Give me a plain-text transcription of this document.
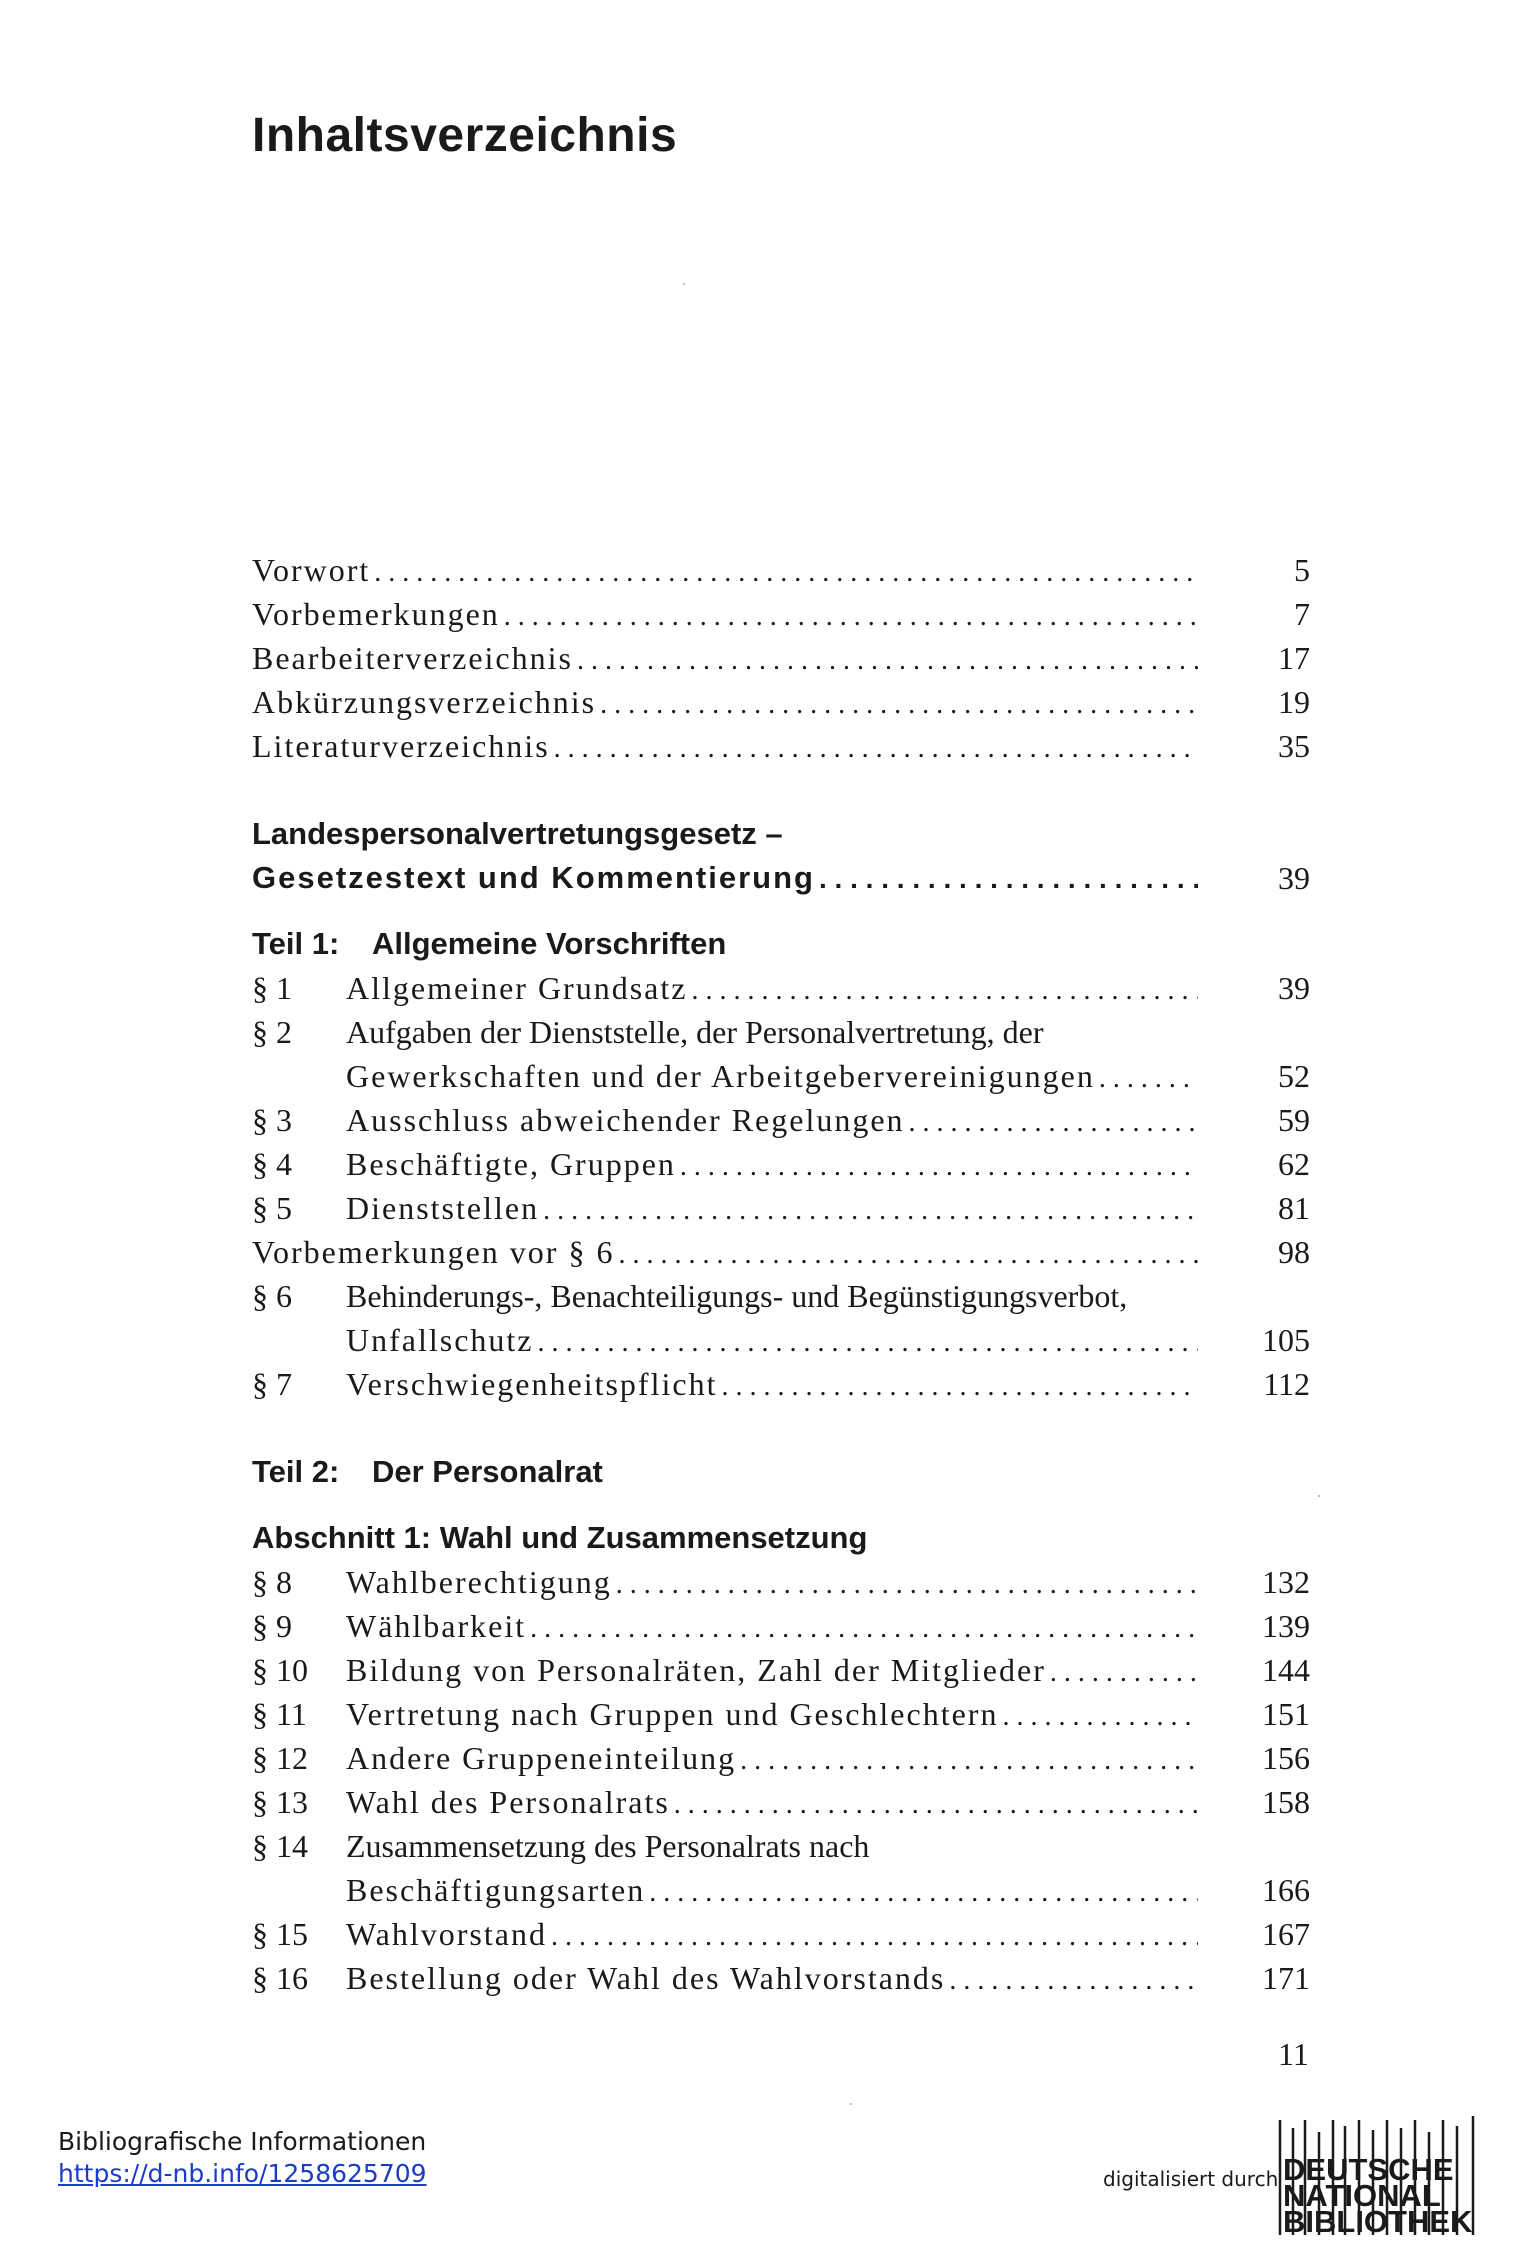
Inhaltsverzeichnis
Vorwort . . .	5
Vorbemerkungen . . .	7
Bearbeiterverzeichnis . . .	17
Abkürzungsverzeichnis . . .	19
Literaturverzeichnis . . .	35
Landespersonalvertretungsgesetz –
Gesetzestext und Kommentierung . . .	39
Teil 1: Allgemeine Vorschriften
§ 1 Allgemeiner Grundsatz . . .	39
§ 2 Aufgaben der Dienststelle, der Personalvertretung, der
Gewerkschaften und der Arbeitgebervereinigungen . . .	52
§ 3 Ausschluss abweichender Regelungen . . .	59
§ 4 Beschäftigte, Gruppen . . .	62
§ 5 Dienststellen . . .	81
Vorbemerkungen vor § 6 . . .	98
§ 6 Behinderungs-, Benachteiligungs- und Begünstigungsverbot,
Unfallschutz . . .	105
§ 7 Verschwiegenheitspflicht . . .	112
Teil 2: Der Personalrat
Abschnitt 1: Wahl und Zusammensetzung
§ 8 Wahlberechtigung . . .	132
§ 9 Wählbarkeit . . .	139
§ 10 Bildung von Personalräten, Zahl der Mitglieder . . .	144
§ 11 Vertretung nach Gruppen und Geschlechtern . . .	151
§ 12 Andere Gruppeneinteilung . . .	156
§ 13 Wahl des Personalrats . . .	158
§ 14 Zusammensetzung des Personalrats nach
Beschäftigungsarten . . .	166
§ 15 Wahlvorstand . . .	167
§ 16 Bestellung oder Wahl des Wahlvorstands . . .	171
11
Bibliografische Informationen
https://d-nb.info/1258625709	digitalisiert durch DEUTSCHE
NATIONAL
BIBLIOTHEK
